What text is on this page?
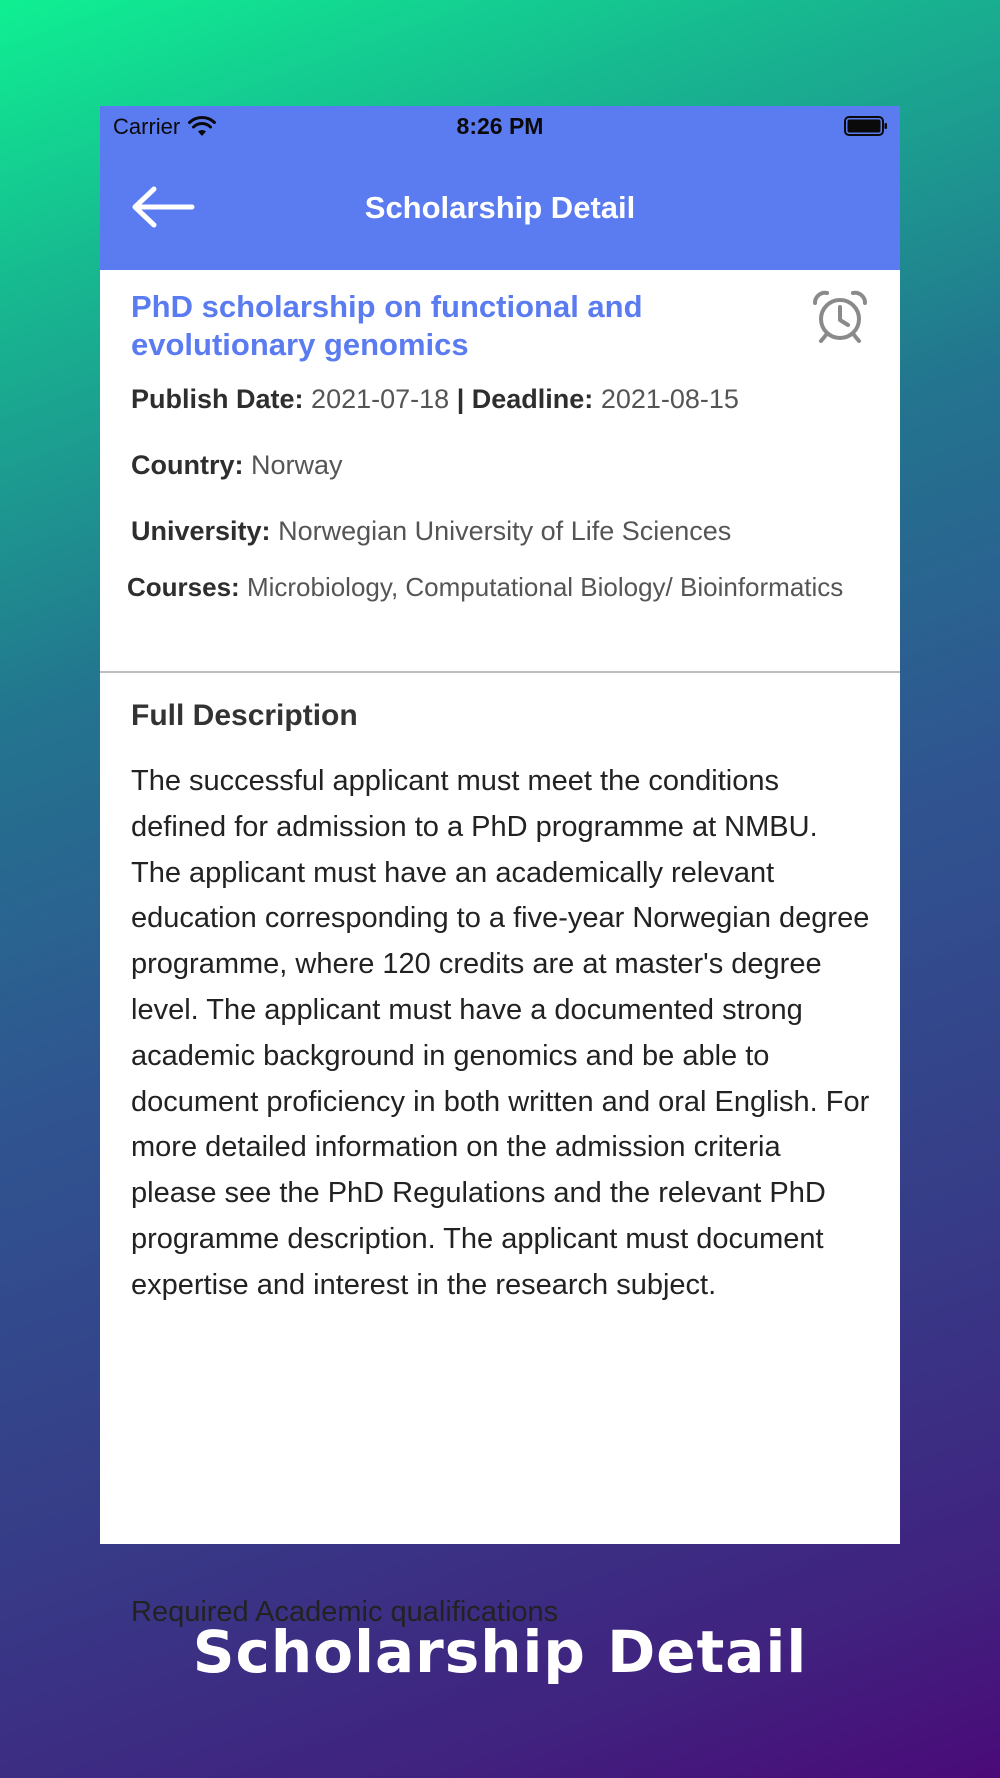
Carrier	8:26 PM
Scholarship Detail
PhD scholarship on functional and evolutionary genomics
Publish Date: 2021-07-18 | Deadline: 2021-08-15
Country: Norway
University: Norwegian University of Life Sciences
Courses: Microbiology, Computational Biology/ Bioinformatics
Full Description
The successful applicant must meet the conditions defined for admission to a PhD programme at NMBU. The applicant must have an academically relevant education corresponding to a five-year Norwegian degree programme, where 120 credits are at master's degree level. The applicant must have a documented strong academic background in genomics and be able to document proficiency in both written and oral English. For more detailed information on the admission criteria please see the PhD Regulations and the relevant PhD programme description. The applicant must document expertise and interest in the research subject.
Required Academic qualifications
Scholarship Detail
